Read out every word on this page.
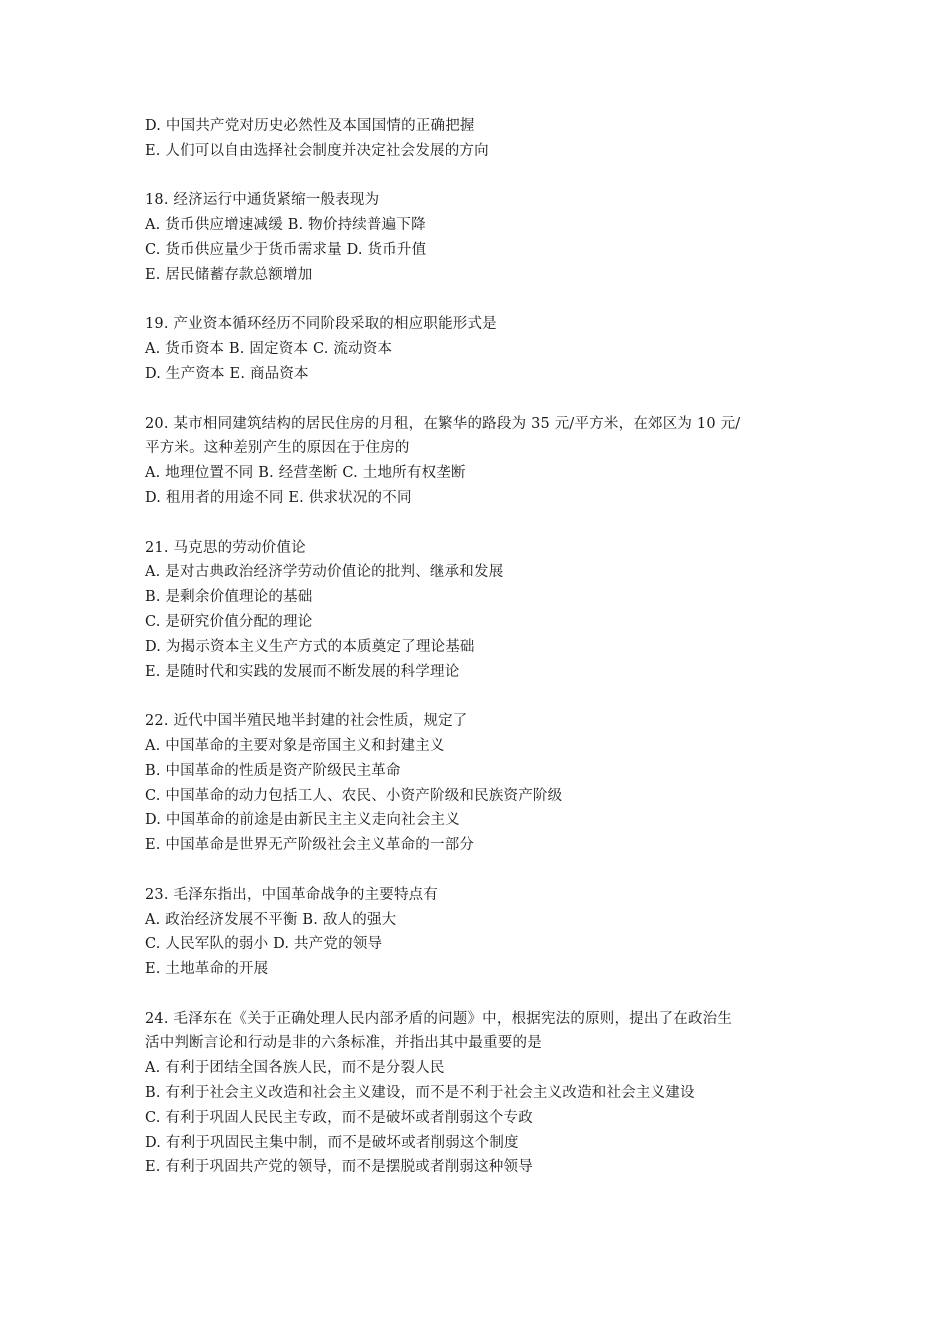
D. 中国共产党对历史必然性及本国国情的正确把握
E. 人们可以自由选择社会制度并决定社会发展的方向
18. 经济运行中通货紧缩一般表现为
A. 货币供应增速减缓 B. 物价持续普遍下降
C. 货币供应量少于货币需求量 D. 货币升值
E. 居民储蓄存款总额增加
19. 产业资本循环经历不同阶段采取的相应职能形式是
A. 货币资本 B. 固定资本 C. 流动资本
D. 生产资本 E. 商品资本
20. 某市相同建筑结构的居民住房的月租，在繁华的路段为 35 元/平方米，在郊区为 10 元/
平方米。这种差别产生的原因在于住房的
A. 地理位置不同 B. 经营垄断 C. 土地所有权垄断
D. 租用者的用途不同 E. 供求状况的不同
21. 马克思的劳动价值论
A. 是对古典政治经济学劳动价值论的批判、继承和发展
B. 是剩余价值理论的基础
C. 是研究价值分配的理论
D. 为揭示资本主义生产方式的本质奠定了理论基础
E. 是随时代和实践的发展而不断发展的科学理论
22. 近代中国半殖民地半封建的社会性质，规定了
A. 中国革命的主要对象是帝国主义和封建主义
B. 中国革命的性质是资产阶级民主革命
C. 中国革命的动力包括工人、农民、小资产阶级和民族资产阶级
D. 中国革命的前途是由新民主主义走向社会主义
E. 中国革命是世界无产阶级社会主义革命的一部分
23. 毛泽东指出，中国革命战争的主要特点有
A. 政治经济发展不平衡 B. 敌人的强大
C. 人民军队的弱小 D. 共产党的领导
E. 土地革命的开展
24. 毛泽东在《关于正确处理人民内部矛盾的问题》中，根据宪法的原则，提出了在政治生
活中判断言论和行动是非的六条标准，并指出其中最重要的是
A. 有利于团结全国各族人民，而不是分裂人民
B. 有利于社会主义改造和社会主义建设，而不是不利于社会主义改造和社会主义建设
C. 有利于巩固人民民主专政，而不是破坏或者削弱这个专政
D. 有利于巩固民主集中制，而不是破坏或者削弱这个制度
E. 有利于巩固共产党的领导，而不是摆脱或者削弱这种领导
